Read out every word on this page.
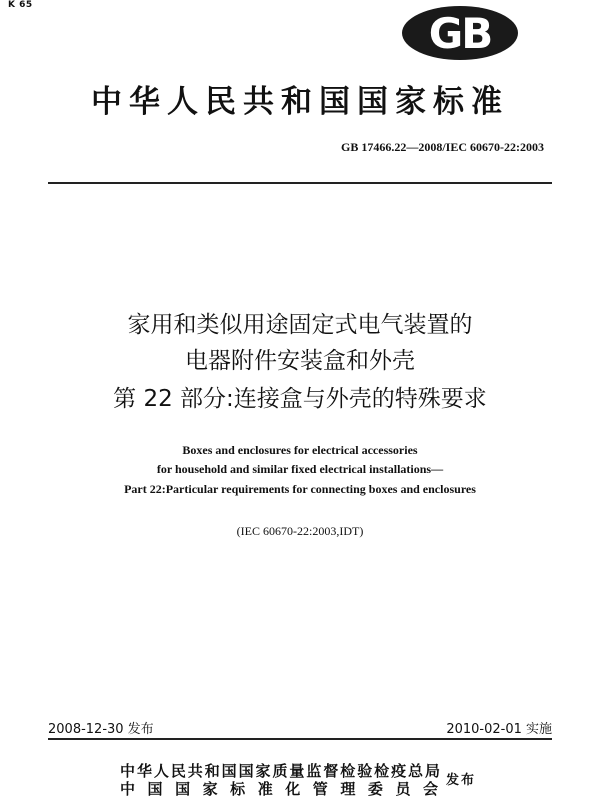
K 65
GB
中华人民共和国国家标准
GB 17466.22—2008/IEC 60670-22:2003
家用和类似用途固定式电气装置的
电器附件安装盒和外壳
第 22 部分:连接盒与外壳的特殊要求
Boxes and enclosures for electrical accessories
for household and similar fixed electrical installations—
Part 22:Particular requirements for connecting boxes and enclosures
(IEC 60670-22:2003,IDT)
2008-12-30 发布	2010-02-01 实施
中华人民共和国国家质量监督检验检疫总局
中国国家标准化管理委员会 发布
